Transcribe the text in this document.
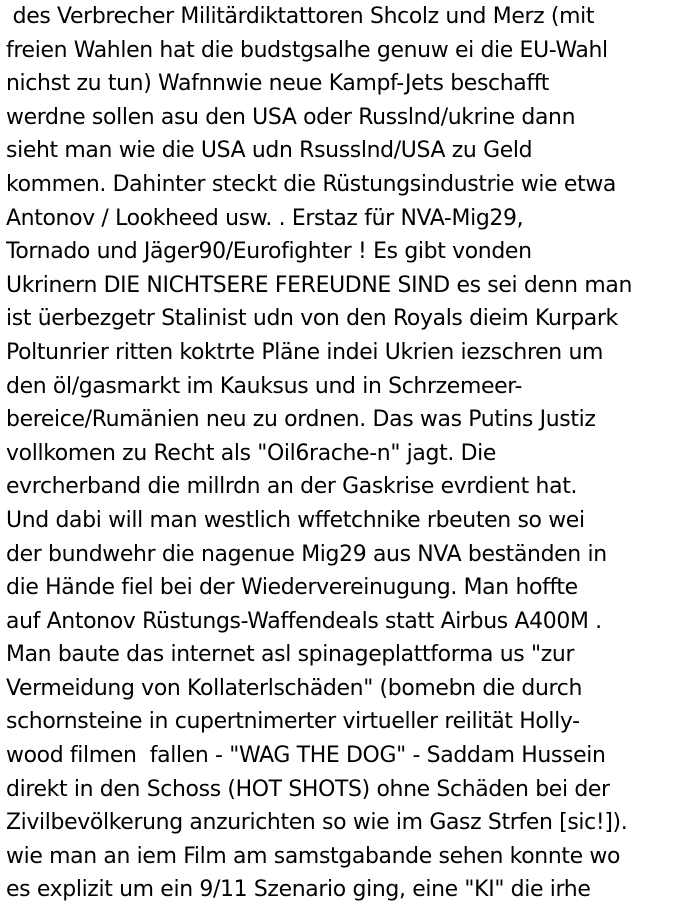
des Verbrecher Militärdiktattoren Shcolz und Merz (mit
freien Wahlen hat die budstgsalhe genuw ei die EU-Wahl
nichst zu tun) Wafnnwie neue Kampf-Jets beschafft
werdne sollen asu den USA oder Russlnd/ukrine dann
sieht man wie die USA udn Rsusslnd/USA zu Geld
kommen. Dahinter steckt die Rüstungsindustrie wie etwa
Antonov / Lookheed usw. . Erstaz für NVA-Mig29,
Tornado und Jäger90/Eurofighter ! Es gibt vonden
Ukrinern DIE NICHTSERE FEREUDNE SIND es sei denn man
ist üerbezgetr Stalinist udn von den Royals dieim Kurpark
Poltunrier ritten koktrte Pläne indei Ukrien iezschren um
den öl/gasmarkt im Kauksus und in Schrzemeer-
bereice/Rumänien neu zu ordnen. Das was Putins Justiz
vollkomen zu Recht als "Oil6rache-n" jagt. Die
evrcherband die millrdn an der Gaskrise evrdient hat.
Und dabi will man westlich wffetchnike rbeuten so wei
der bundwehr die nagenue Mig29 aus NVA beständen in
die Hände fiel bei der Wiedervereinugung. Man hoffte
auf Antonov Rüstungs-Waffendeals statt Airbus A400M .
Man baute das internet asl spinageplattforma us "zur
Vermeidung von Kollaterlschäden" (bomebn die durch
schornsteine in cupertnimerter virtueller reilität Holly-
wood filmen  fallen - "WAG THE DOG" - Saddam Hussein
direkt in den Schoss (HOT SHOTS) ohne Schäden bei der
Zivilbevölkerung anzurichten so wie im Gasz Strfen [sic!]).
wie man an iem Film am samstgabande sehen konnte wo
es explizit um ein 9/11 Szenario ging, eine "KI" die irhe
